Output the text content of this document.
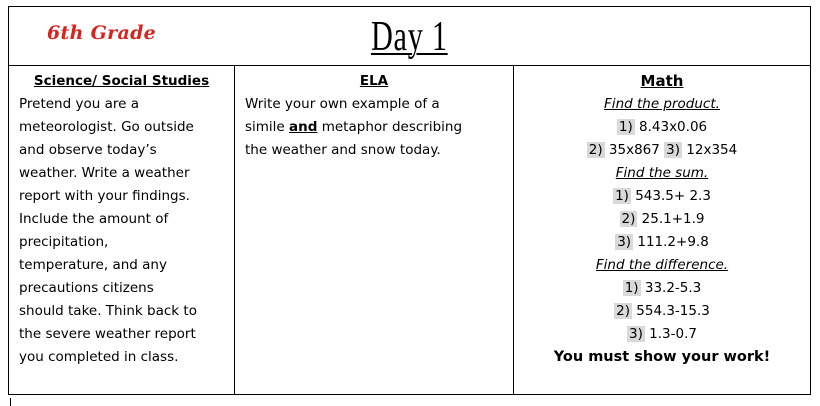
6th Grade	Day 1
Science/ Social Studies
Pretend you are a
meteorologist. Go outside
and observe today’s
weather. Write a weather
report with your findings.
Include the amount of
precipitation,
temperature, and any
precautions citizens
should take. Think back to
the severe weather report
you completed in class.
ELA
Write your own example of a
simile and metaphor describing
the weather and snow today.
Math
Find the product.
1) 8.43x0.06
2) 35x867 3) 12x354
Find the sum.
1) 543.5+ 2.3
2) 25.1+1.9
3) 111.2+9.8
Find the difference.
1) 33.2-5.3
2) 554.3-15.3
3) 1.3-0.7
You must show your work!
